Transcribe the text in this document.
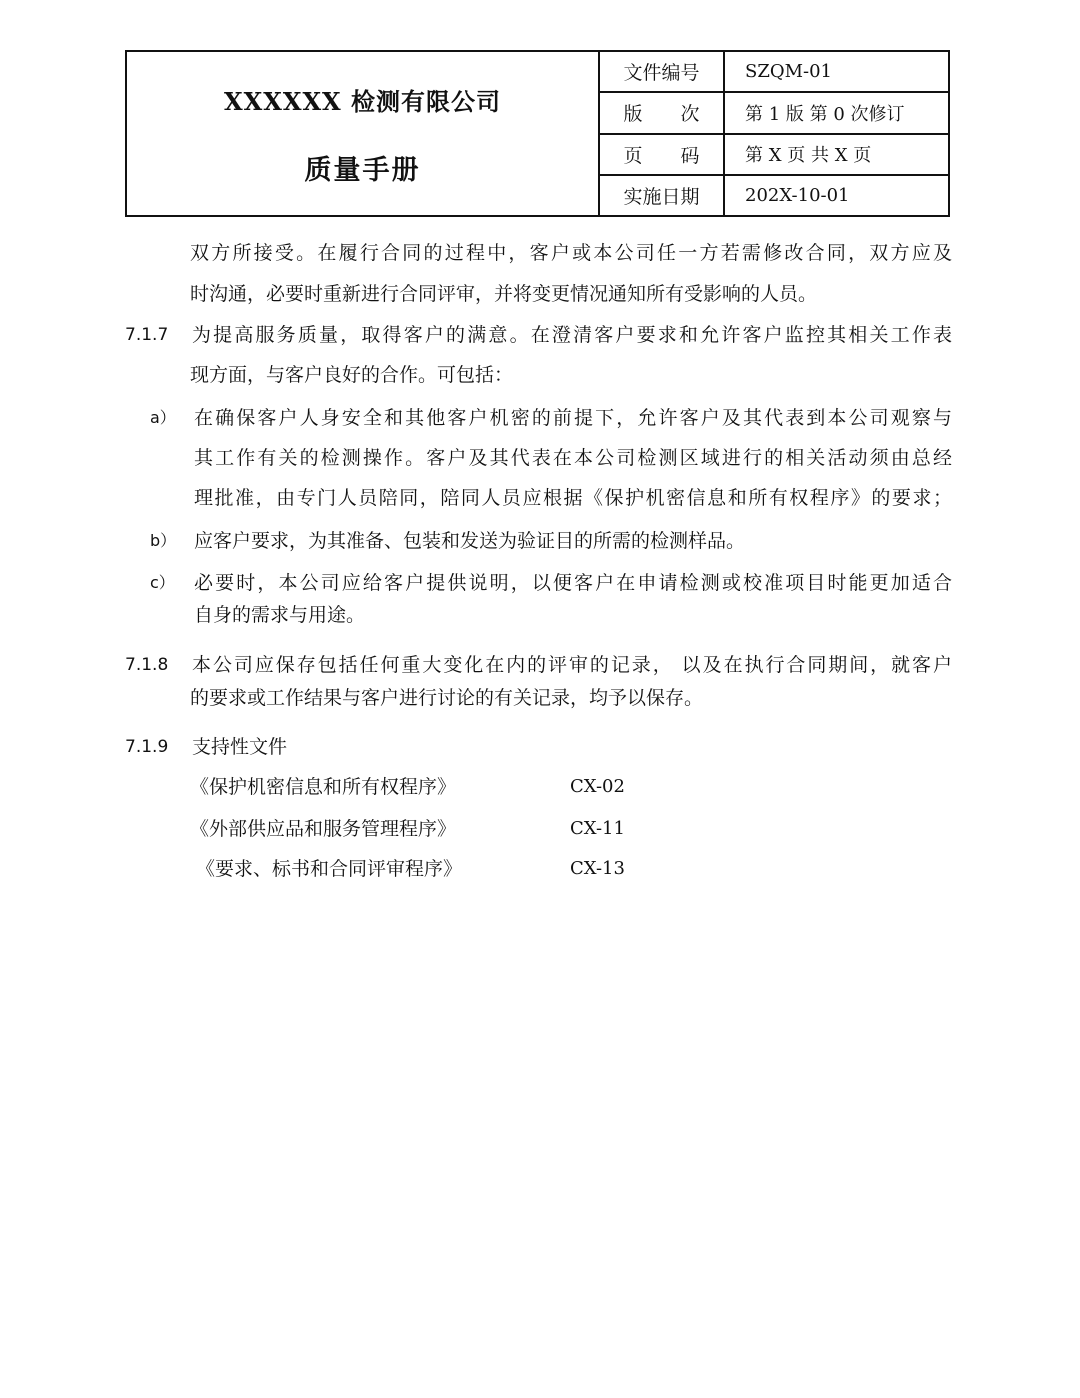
XXXXXX 检测有限公司
质量手册
文件编号	SZQM-01
版　　次	第 1 版 第 0 次修订
页　　码	第 X 页 共 X 页
实施日期	202X-10-01
双方所接受。在履行合同的过程中，客户或本公司任一方若需修改合同，双方应及
时沟通，必要时重新进行合同评审，并将变更情况通知所有受影响的人员。
7.1.7 为提高服务质量，取得客户的满意。在澄清客户要求和允许客户监控其相关工作表
现方面，与客户良好的合作。可包括：
a） 在确保客户人身安全和其他客户机密的前提下，允许客户及其代表到本公司观察与
其工作有关的检测操作。客户及其代表在本公司检测区域进行的相关活动须由总经
理批准，由专门人员陪同，陪同人员应根据《保护机密信息和所有权程序》的要求；
b） 应客户要求，为其准备、包装和发送为验证目的所需的检测样品。
c） 必要时，本公司应给客户提供说明，以便客户在申请检测或校准项目时能更加适合
自身的需求与用途。
7.1.8 本公司应保存包括任何重大变化在内的评审的记录， 以及在执行合同期间，就客户
的要求或工作结果与客户进行讨论的有关记录，均予以保存。
7.1.9 支持性文件
《保护机密信息和所有权程序》	CX-02
《外部供应品和服务管理程序》	CX-11
《要求、标书和合同评审程序》	CX-13
